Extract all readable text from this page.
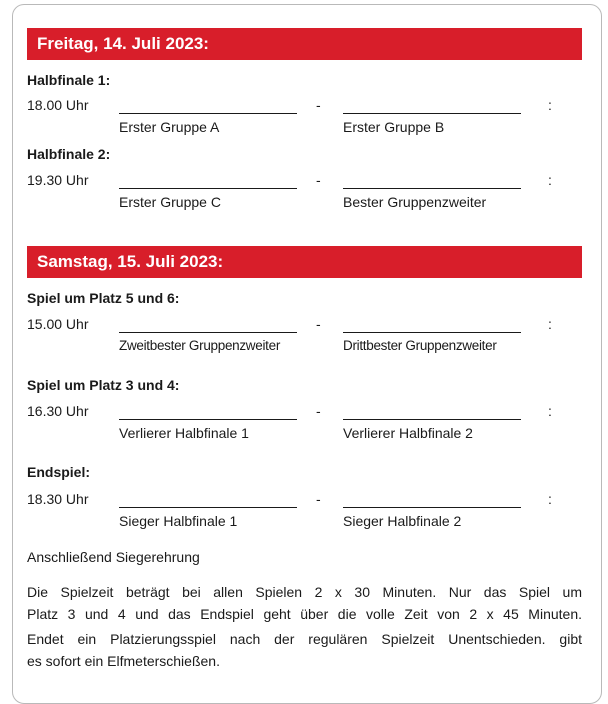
Freitag, 14. Juli 2023:
Halbfinale 1:
18.00 Uhr	-	:
Erster Gruppe A	Erster Gruppe B
Halbfinale 2:
19.30 Uhr	-	:
Erster Gruppe C	Bester Gruppenzweiter
Samstag, 15. Juli 2023:
Spiel um Platz 5 und 6:
15.00 Uhr	-	:
Zweitbester Gruppenzweiter	Drittbester Gruppenzweiter
Spiel um Platz 3 und 4:
16.30 Uhr	-	:
Verlierer Halbfinale 1	Verlierer Halbfinale 2
Endspiel:
18.30 Uhr	-	:
Sieger Halbfinale 1	Sieger Halbfinale 2
Anschließend Siegerehrung
Die Spielzeit beträgt bei allen Spielen 2 x 30 Minuten. Nur das Spiel um
Platz 3 und 4 und das Endspiel geht über die volle Zeit von 2 x 45 Minuten.
Endet ein Platzierungsspiel nach der regulären Spielzeit Unentschieden. gibt
es sofort ein Elfmeterschießen.
